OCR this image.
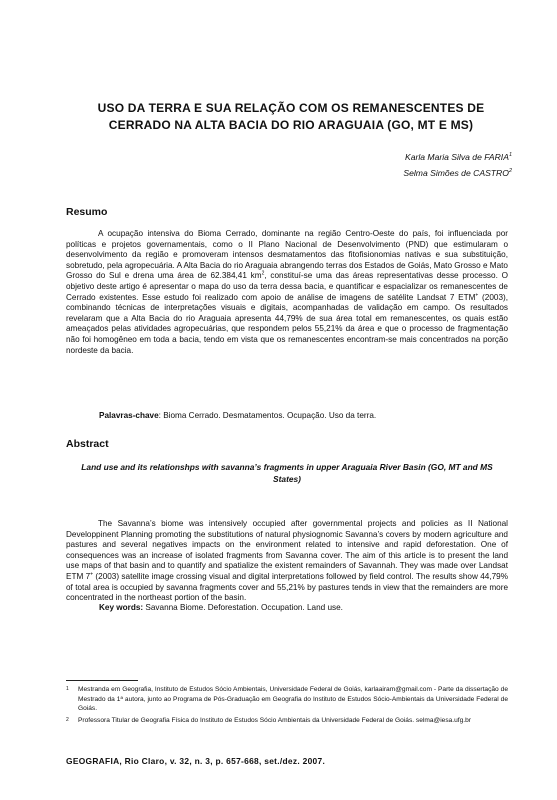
USO DA TERRA E SUA RELAÇÃO COM OS REMANESCENTES DE CERRADO NA ALTA BACIA DO RIO ARAGUAIA (GO, MT E MS)
Karla Maria Silva de FARIA$^1$
Selma Simões de CASTRO$^2$
Resumo

A ocupação intensiva do Bioma Cerrado, dominante na região Centro-Oeste do país, foi influenciada por políticas e projetos governamentais, como o II Plano Nacional de Desenvolvimento (PND) que estimularam o desenvolvimento da região e promoveram intensos desmatamentos das fitofisionomias nativas e sua substituição, sobretudo, pela agropecuária. A Alta Bacia do rio Araguaia abrangendo terras dos Estados de Goiás, Mato Grosso e Mato Grosso do Sul e drena uma área de 62.384,41 $km^2$, constituí-se uma das áreas representativas desse processo. O objetivo deste artigo é apresentar o mapa do uso da terra dessa bacia, e quantificar e espacializar os remanescentes de Cerrado existentes. Esse estudo foi realizado com apoio de análise de imagens de satélite Landsat 7 ETM+ (2003), combinando técnicas de interpretações visuais e digitais, acompanhadas de validação em campo. Os resultados revelaram que a Alta Bacia do rio Araguaia apresenta 44,79% de sua área total em remanescentes, os quais estão ameaçados pelas atividades agropecuárias, que respondem pelos 55,21% da área e que o processo de fragmentação não foi homogêneo em toda a bacia, tendo em vista que os remanescentes encontram-se mais concentrados na porção nordeste da bacia.

Palavras-chave: Bioma Cerrado. Desmatamentos. Ocupação. Uso da terra.

Abstract

Land use and its relationshps with savanna’s fragments in upper Araguaia River Basin (GO, MT and MS States)

The Savanna’s biome was intensively occupied after governmental projects and policies as II National Developpinent Planning promoting the substitutions of natural physiognomic Savanna’s covers by modern agriculture and pastures and several negatives impacts on the environment related to intensive and rapid deforestation. One of consequences was an increase of isolated fragments from Savanna cover. The aim of this article is to present the land use maps of that basin and to quantify and spatialize the existent remainders of Savannah. They was made over Landsat ETM 7+ (2003) satellite image crossing visual and digital interpretations followed by field control. The results show 44,79% of total area is occupied by savanna fragments cover and 55,21% by pastures tends in view that the remainders are more concentrated in the northeast portion of the basin.

Key words: Savanna Biome. Deforestation. Occupation. Land use.

1 Mestranda em Geografia, Instituto de Estudos Sócio Ambientais, Universidade Federal de Goiás, karlaairam@gmail.com - Parte da dissertação de Mestrado da 1ª autora, junto ao Programa de Pós-Graduação em Geografia do Instituto de Estudos Sócio-Ambientais da Universidade Federal de Goiás.

2 Professora Titular de Geografia Física do Instituto de Estudos Sócio Ambientais da Universidade Federal de Goiás. selma@iesa.ufg.br

GEOGRAFIA, Rio Claro, v. 32, n. 3, p. 657-668, set./dez. 2007.
